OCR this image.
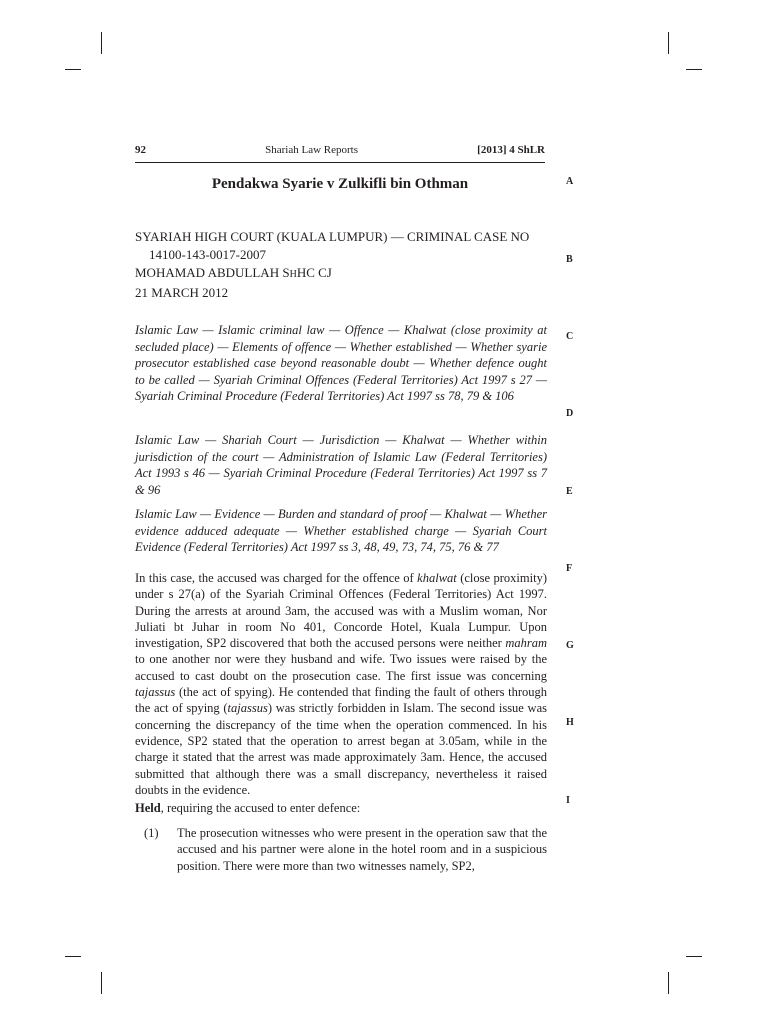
92	Shariah Law Reports	[2013] 4 ShLR
Pendakwa Syarie v Zulkifli bin Othman
SYARIAH HIGH COURT (KUALA LUMPUR) — CRIMINAL CASE NO
14100-143-0017-2007
MOHAMAD ABDULLAH SHHC CJ
21 MARCH 2012
Islamic Law — Islamic criminal law — Offence — Khalwat (close proximity at secluded place) — Elements of offence — Whether established — Whether syarie prosecutor established case beyond reasonable doubt — Whether defence ought to be called — Syariah Criminal Offences (Federal Territories) Act 1997 s 27 — Syariah Criminal Procedure (Federal Territories) Act 1997 ss 78, 79 & 106
Islamic Law — Shariah Court — Jurisdiction — Khalwat — Whether within jurisdiction of the court — Administration of Islamic Law (Federal Territories) Act 1993 s 46 — Syariah Criminal Procedure (Federal Territories) Act 1997 ss 7 & 96
Islamic Law — Evidence — Burden and standard of proof — Khalwat — Whether evidence adduced adequate — Whether established charge — Syariah Court Evidence (Federal Territories) Act 1997 ss 3, 48, 49, 73, 74, 75, 76 & 77
In this case, the accused was charged for the offence of khalwat (close proximity) under s 27(a) of the Syariah Criminal Offences (Federal Territories) Act 1997. During the arrests at around 3am, the accused was with a Muslim woman, Nor Juliati bt Juhar in room No 401, Concorde Hotel, Kuala Lumpur. Upon investigation, SP2 discovered that both the accused persons were neither mahram to one another nor were they husband and wife. Two issues were raised by the accused to cast doubt on the prosecution case. The first issue was concerning tajassus (the act of spying). He contended that finding the fault of others through the act of spying (tajassus) was strictly forbidden in Islam. The second issue was concerning the discrepancy of the time when the operation commenced. In his evidence, SP2 stated that the operation to arrest began at 3.05am, while in the charge it stated that the arrest was made approximately 3am. Hence, the accused submitted that although there was a small discrepancy, nevertheless it raised doubts in the evidence.
Held, requiring the accused to enter defence:
(1) The prosecution witnesses who were present in the operation saw that the accused and his partner were alone in the hotel room and in a suspicious position. There were more than two witnesses namely, SP2,
A
B
C
D
E
F
G
H
I
